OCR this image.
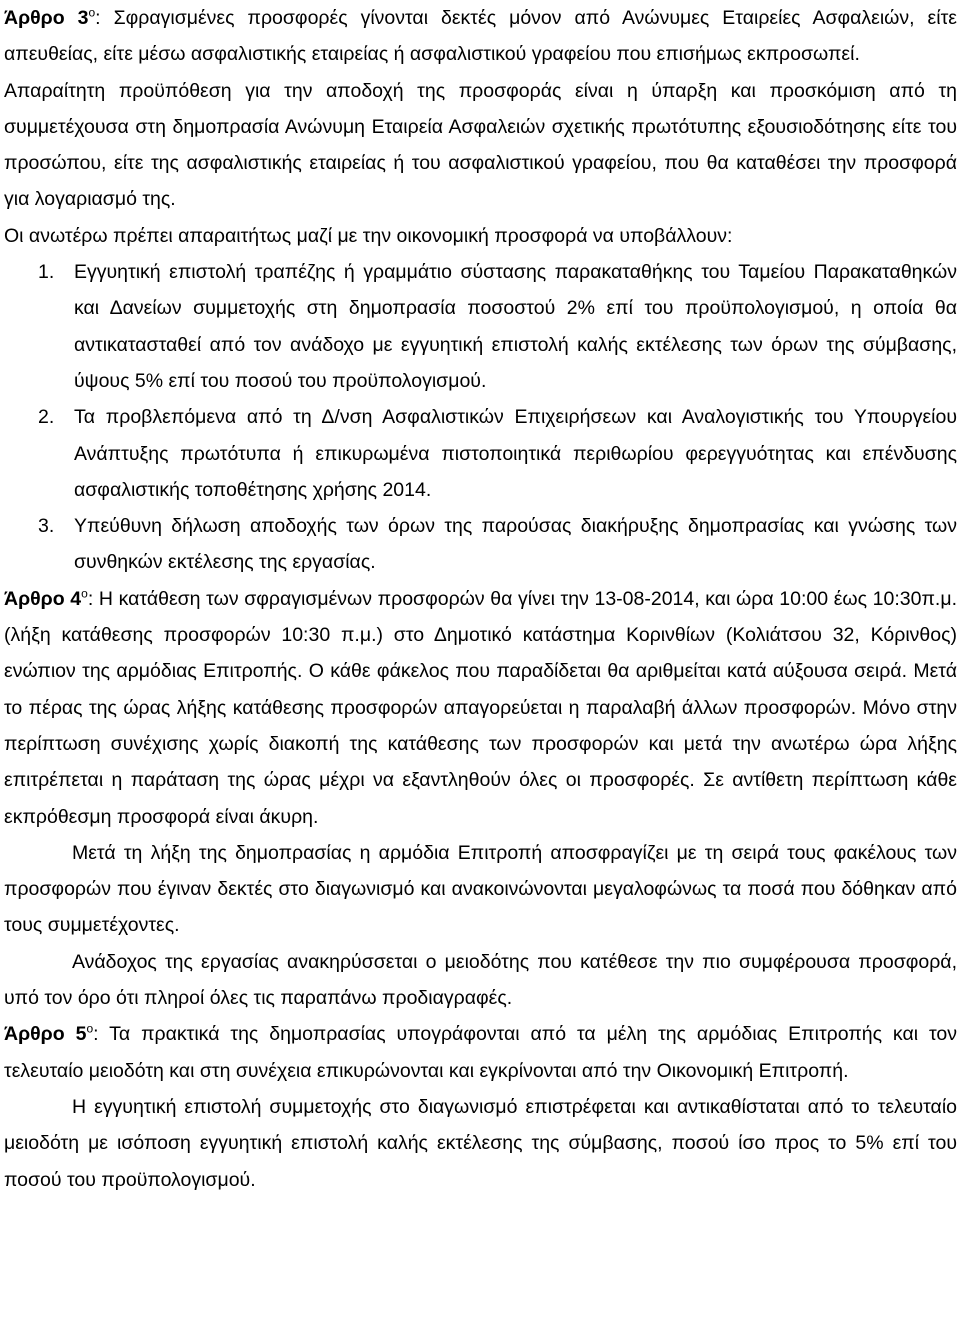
Άρθρο $3^o$: Σφραγισμένες προσφορές γίνονται δεκτές μόνον από Ανώνυμες Εταιρείες Ασφαλειών, είτε απευθείας, είτε μέσω ασφαλιστικής εταιρείας ή ασφαλιστικού γραφείου που επισήμως εκπροσωπεί.

Απαραίτητη προϋπόθεση για την αποδοχή της προσφοράς είναι η ύπαρξη και προσκόμιση από τη συμμετέχουσα στη δημοπρασία Ανώνυμη Εταιρεία Ασφαλειών σχετικής πρωτότυπης εξουσιοδότησης είτε του προσώπου, είτε της ασφαλιστικής εταιρείας ή του ασφαλιστικού γραφείου, που θα καταθέσει την προσφορά για λογαριασμό της.

Οι ανωτέρω πρέπει απαραιτήτως μαζί με την οικονομική προσφορά να υποβάλλουν:

1. Εγγυητική επιστολή τραπέζης ή γραμμάτιο σύστασης παρακαταθήκης του Ταμείου Παρακαταθηκών και Δανείων συμμετοχής στη δημοπρασία ποσοστού 2% επί του προϋπολογισμού, η οποία θα αντικατασταθεί από τον ανάδοχο με εγγυητική επιστολή καλής εκτέλεσης των όρων της σύμβασης, ύψους 5% επί του ποσού του προϋπολογισμού.

2. Τα προβλεπόμενα από τη Δ/νση Ασφαλιστικών Επιχειρήσεων και Αναλογιστικής του Υπουργείου Ανάπτυξης πρωτότυπα ή επικυρωμένα πιστοποιητικά περιθωρίου φερεγγυότητας και επένδυσης ασφαλιστικής τοποθέτησης χρήσης 2014.

3. Υπεύθυνη δήλωση αποδοχής των όρων της παρούσας διακήρυξης δημοπρασίας και γνώσης των συνθηκών εκτέλεσης της εργασίας.

Άρθρο $4^o$: Η κατάθεση των σφραγισμένων προσφορών θα γίνει την 13-08-2014, και ώρα 10:00 έως 10:30π.μ. (λήξη κατάθεσης προσφορών 10:30 π.μ.) στο Δημοτικό κατάστημα Κορινθίων (Κολιάτσου 32, Κόρινθος) ενώπιον της αρμόδιας Επιτροπής. Ο κάθε φάκελος που παραδίδεται θα αριθμείται κατά αύξουσα σειρά. Μετά το πέρας της ώρας λήξης κατάθεσης προσφορών απαγορεύεται η παραλαβή άλλων προσφορών. Μόνο στην περίπτωση συνέχισης χωρίς διακοπή της κατάθεσης των προσφορών και μετά την ανωτέρω ώρα λήξης επιτρέπεται η παράταση της ώρας μέχρι να εξαντληθούν όλες οι προσφορές. Σε αντίθετη περίπτωση κάθε εκπρόθεσμη προσφορά είναι άκυρη.

Μετά τη λήξη της δημοπρασίας η αρμόδια Επιτροπή αποσφραγίζει με τη σειρά τους φακέλους των προσφορών που έγιναν δεκτές στο διαγωνισμό και ανακοινώνονται μεγαλοφώνως τα ποσά που δόθηκαν από τους συμμετέχοντες.

Ανάδοχος της εργασίας ανακηρύσσεται ο μειοδότης που κατέθεσε την πιο συμφέρουσα προσφορά, υπό τον όρο ότι πληροί όλες τις παραπάνω προδιαγραφές.

Άρθρο $5^o$: Τα πρακτικά της δημοπρασίας υπογράφονται από τα μέλη της αρμόδιας Επιτροπής και τον τελευταίο μειοδότη και στη συνέχεια επικυρώνονται και εγκρίνονται από την Οικονομική Επιτροπή.

Η εγγυητική επιστολή συμμετοχής στο διαγωνισμό επιστρέφεται και αντικαθίσταται από το τελευταίο μειοδότη με ισόποση εγγυητική επιστολή καλής εκτέλεσης της σύμβασης, ποσού ίσο προς το 5% επί του ποσού του προϋπολογισμού.
